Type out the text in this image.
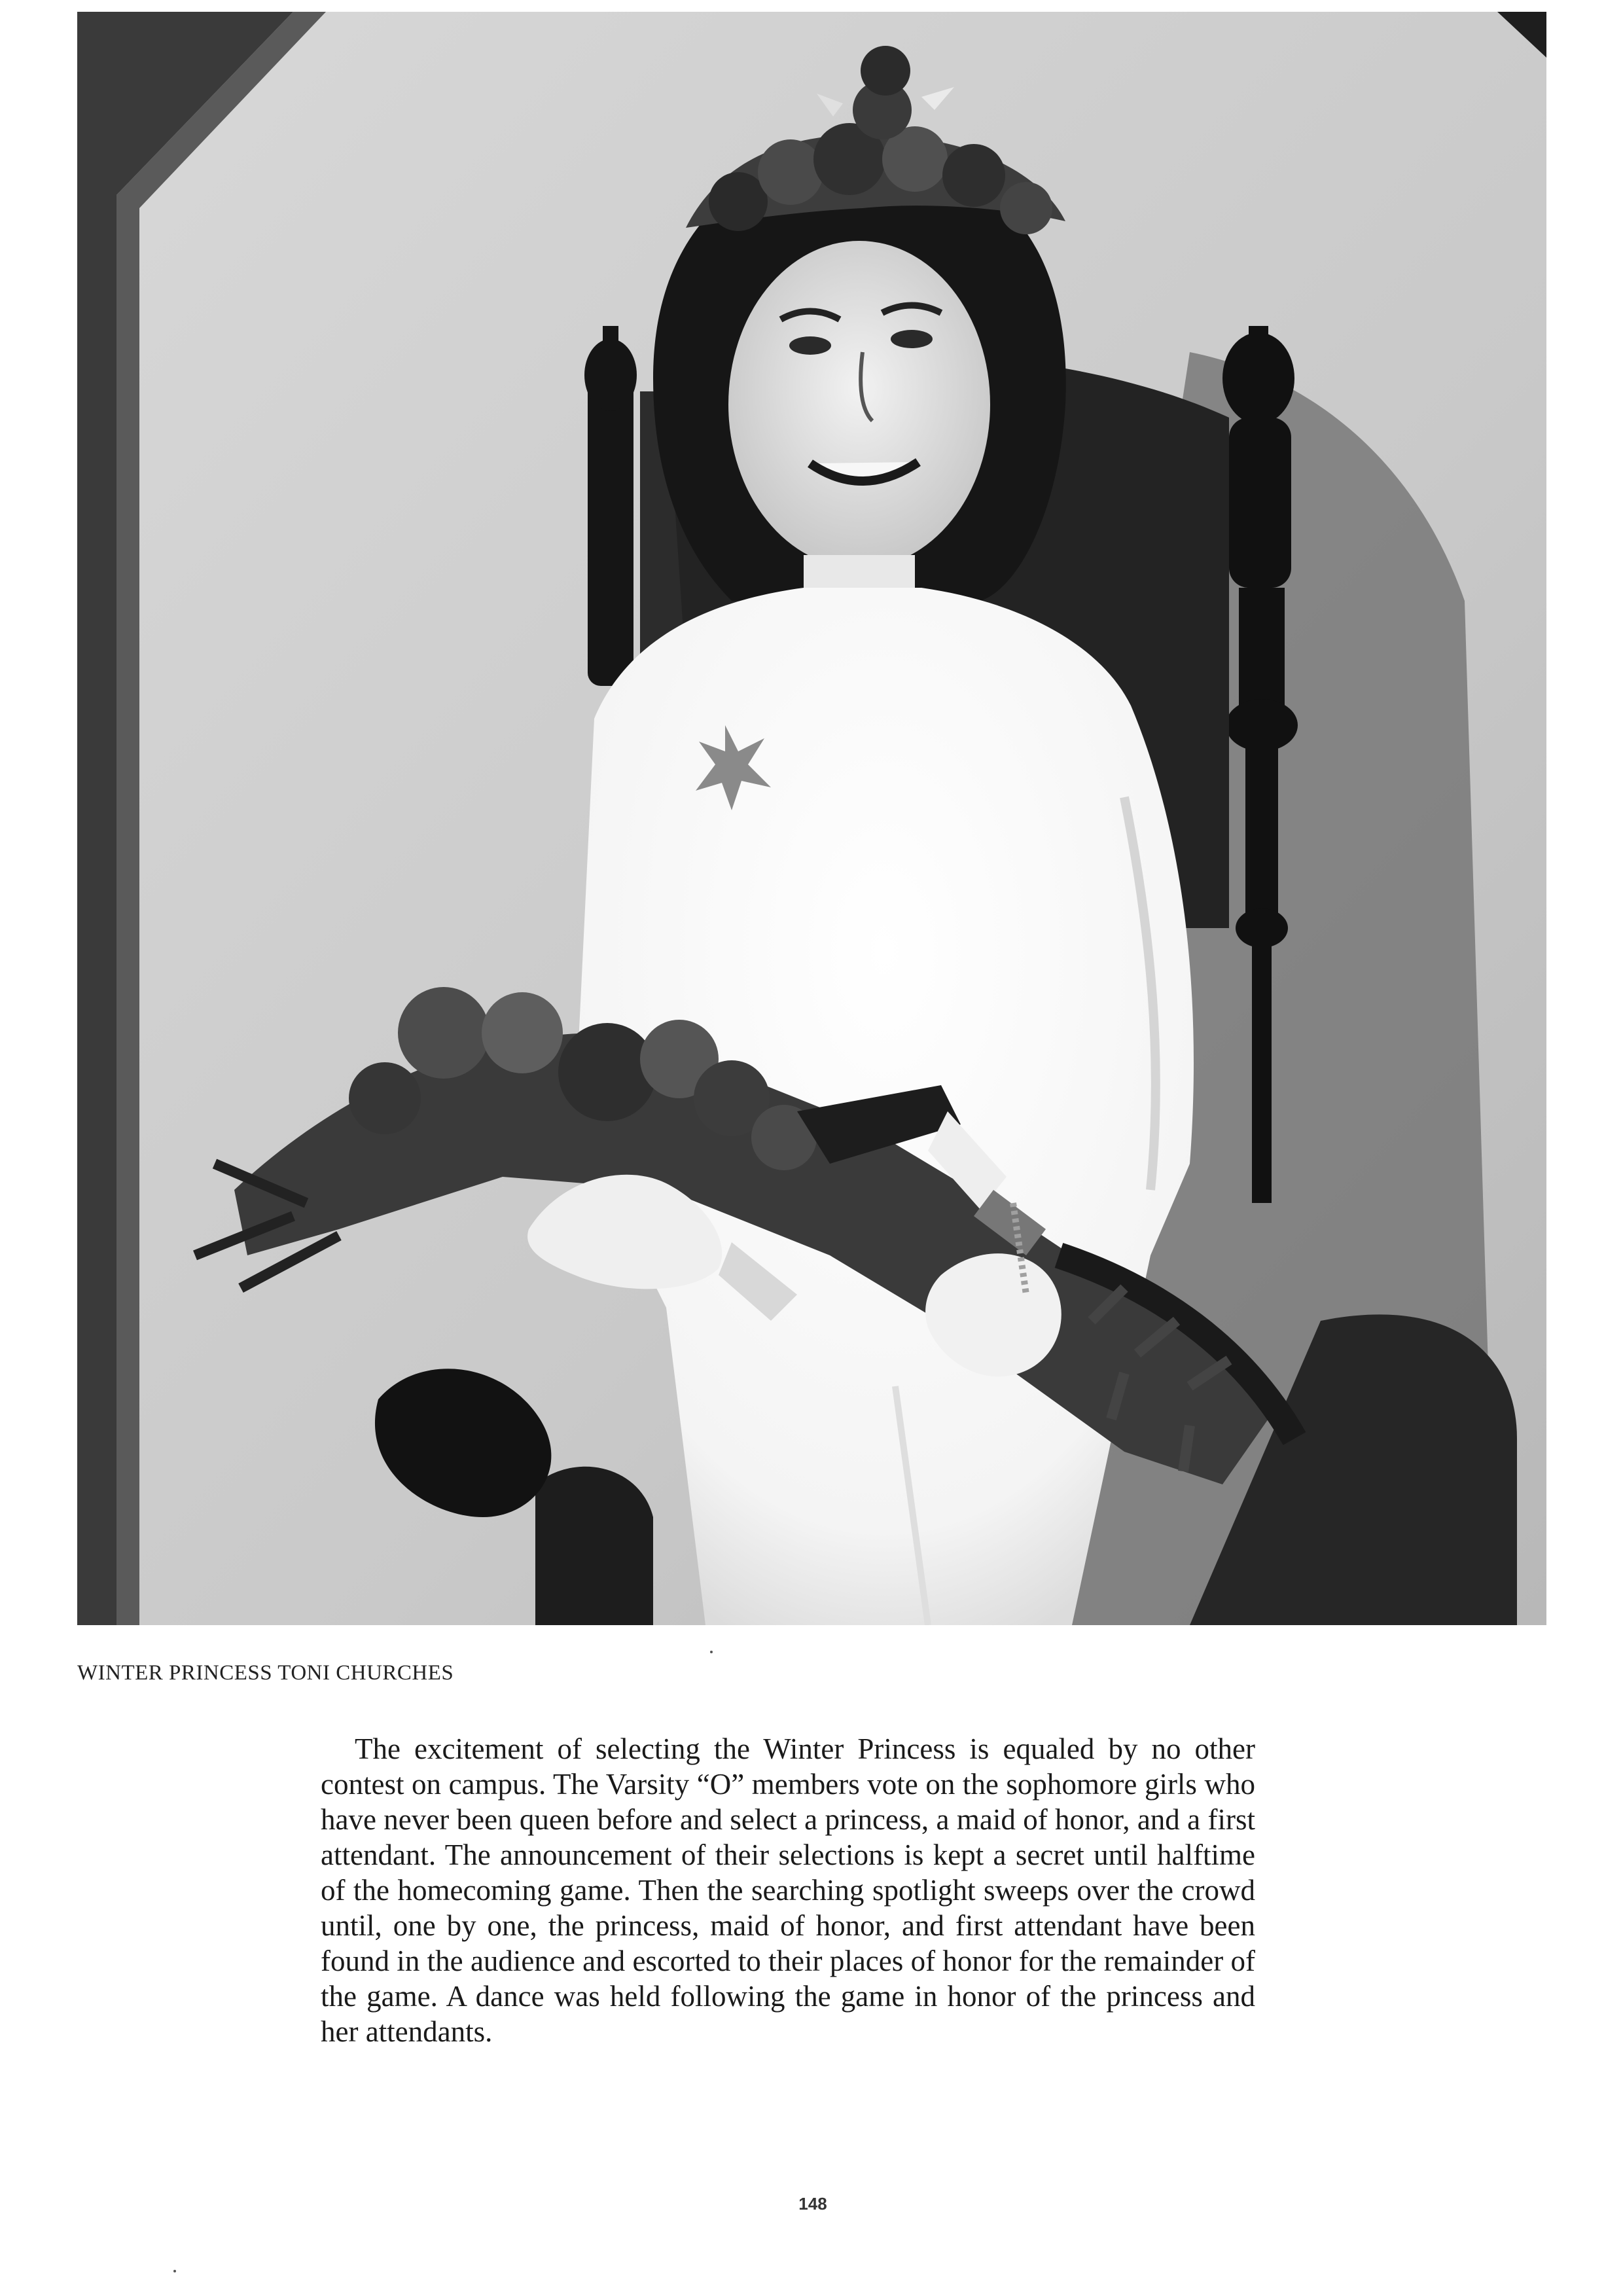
WINTER PRINCESS TONI CHURCHES
The excitement of selecting the Winter Princess is equaled by no other contest on campus. The Varsity “O” members vote on the sophomore girls who have never been queen before and select a princess, a maid of honor, and a first attendant. The announcement of their selections is kept a secret until halftime of the homecoming game. Then the searching spotlight sweeps over the crowd until, one by one, the princess, maid of honor, and first attendant have been found in the audience and escorted to their places of honor for the remainder of the game. A dance was held following the game in honor of the princess and her attendants.
148
